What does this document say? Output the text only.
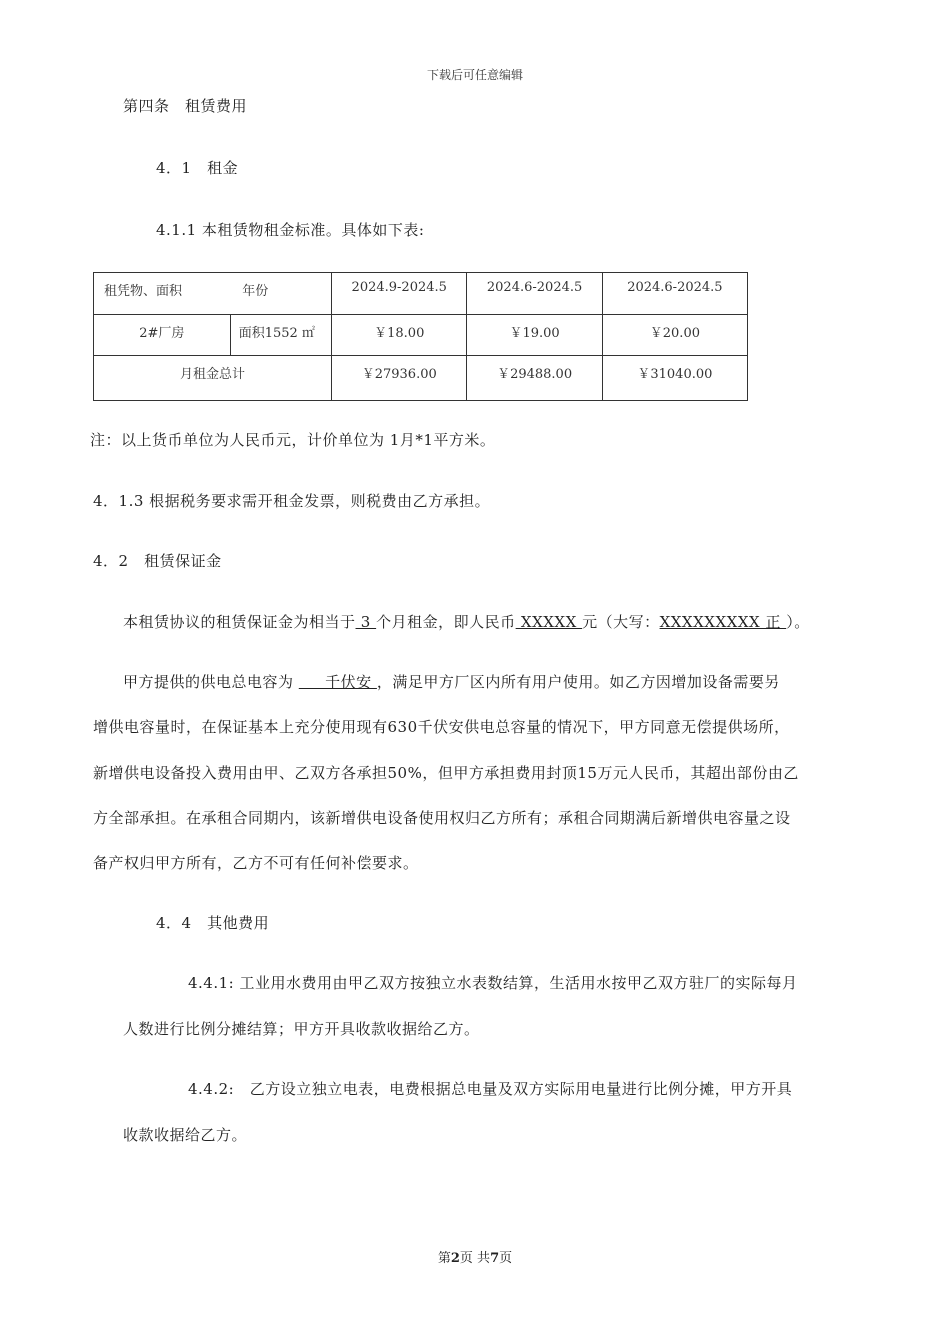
下载后可任意编辑
第四条　租赁费用
4．1　租金
4.1.1 本租赁物租金标准。具体如下表:
租凭物、面积 年份		2024.9-2024.5	2024.6-2024.5	2024.6-2024.5

2#厂房	面积1552 ㎡	￥18.00	￥19.00	￥20.00

月租金总计		￥27936.00	￥29488.00	￥31040.00
注：以上货币单位为人民币元，计价单位为 1月*1平方米。
4．1.3 根据税务要求需开租金发票，则税费由乙方承担。
4．2　租赁保证金
本租赁协议的租赁保证金为相当于 3 个月租金，即人民币 XXXXX 元（大写：XXXXXXXXX 正 ）。
甲方提供的供电总电容为      千伏安 ，满足甲方厂区内所有用户使用。如乙方因增加设备需要另
增供电容量时，在保证基本上充分使用现有630千伏安供电总容量的情况下，甲方同意无偿提供场所，
新增供电设备投入费用由甲、乙双方各承担50%，但甲方承担费用封顶15万元人民币，其超出部份由乙
方全部承担。在承租合同期内，该新增供电设备使用权归乙方所有；承租合同期满后新增供电容量之设
备产权归甲方所有，乙方不可有任何补偿要求。
4．4　其他费用
4.4.1: 工业用水费用由甲乙双方按独立水表数结算，生活用水按甲乙双方驻厂的实际每月
人数进行比例分摊结算；甲方开具收款收据给乙方。
4.4.2:　乙方设立独立电表，电费根据总电量及双方实际用电量进行比例分摊，甲方开具
收款收据给乙方。
第2页 共7页
